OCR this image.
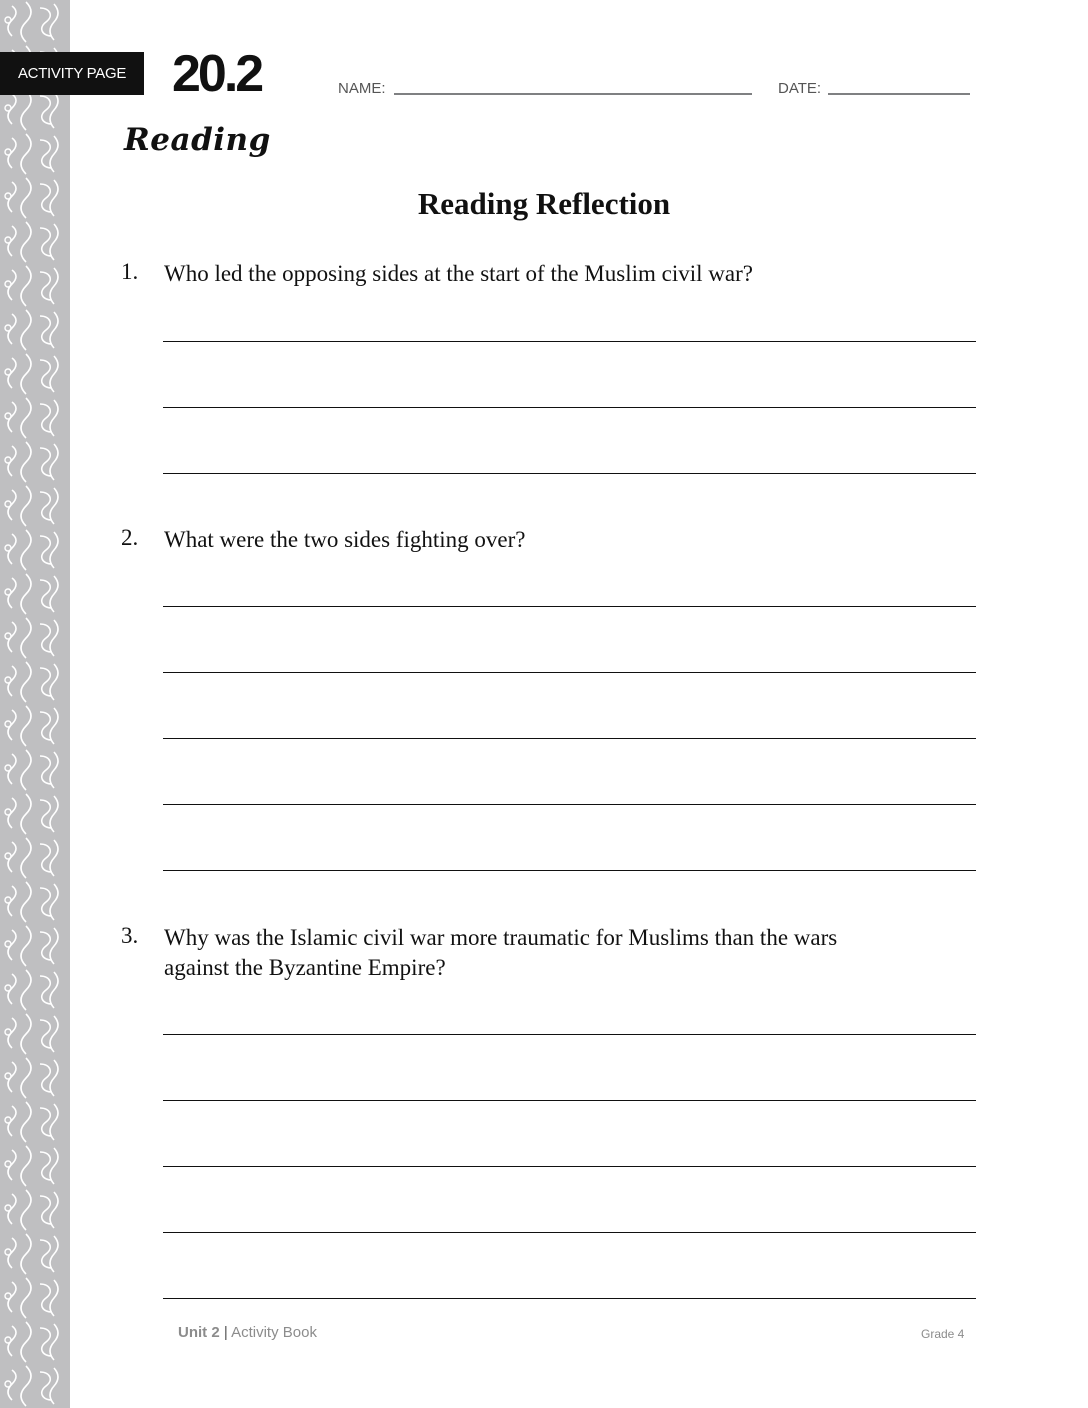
ACTIVITY PAGE 20.2	NAME:	DATE:
Reading
Reading Reflection
1. Who led the opposing sides at the start of the Muslim civil war?
2. What were the two sides fighting over?
3. Why was the Islamic civil war more traumatic for Muslims than the wars
against the Byzantine Empire?
Unit 2 | Activity Book	Grade 4
